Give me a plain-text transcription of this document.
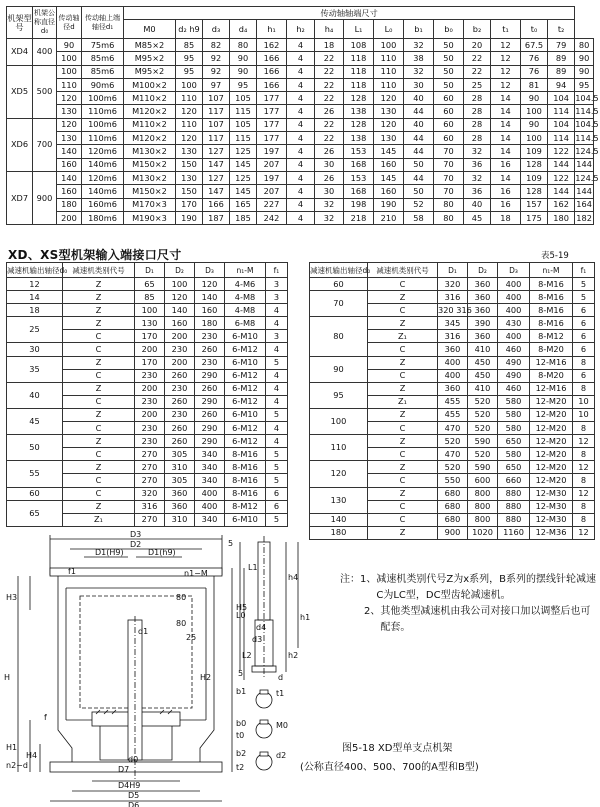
机架型号	机架公称直径d₀	传动轴径d	传动轴上端轴径d₁	传动轴轴端尺寸															
				M0	d₂ h9	d₃	d₄	h₁	h₂	h₄	L₁	L₀	b₁	b₀	b₂	t₁	t₀	t₂	
XD4	400	90	75m6	M85×2	85	82	80	162	4	18	108	100	32	50	20	12	67.5	79	80
		100	85m6	M95×2	95	92	90	166	4	22	118	110	38	50	22	12	76	89	90
XD5	500	100	85m6	M95×2	95	92	90	166	4	22	118	110	32	50	22	12	76	89	90
		110	90m6	M100×2	100	97	95	166	4	22	118	110	30	50	25	12	81	94	95
		120	100m6	M110×2	110	107	105	177	4	22	128	120	40	60	28	14	90	104	104.5
		130	110m6	M120×2	120	117	115	177	4	26	138	130	44	60	28	14	100	114	114.5
XD6	700	120	100m6	M110×2	110	107	105	177	4	22	128	120	40	60	28	14	90	104	104.5
		130	110m6	M120×2	120	117	115	177	4	22	138	130	44	60	28	14	100	114	114.5
		140	120m6	M130×2	130	127	125	197	4	26	153	145	44	70	32	14	109	122	124.5
		160	140m6	M150×2	150	147	145	207	4	30	168	160	50	70	36	16	128	144	144
XD7	900	140	120m6	M130×2	130	127	125	197	4	26	153	145	44	70	32	14	109	122	124.5
		160	140m6	M150×2	150	147	145	207	4	30	168	160	50	70	36	16	128	144	144
		180	160m6	M170×3	170	166	165	227	4	32	198	190	52	80	40	16	157	162	164
		200	180m6	M190×3	190	187	185	242	4	32	218	210	58	80	45	18	175	180	182
XD、XS型机架输入端接口尺寸	表5-19
减速机输出轴径d₀	减速机类别代号	D₁	D₂	D₃	n₁-M	f₁
12	Z	65	100	120	4-M6	3
14	Z	85	120	140	4-M8	3
18	Z	100	140	160	4-M8	4
25	Z	130	160	180	6-M8	4
	C	170	200	230	6-M10	3
30	C	200	230	260	6-M12	4
35	Z	170	200	230	6-M10	5
	C	230	260	290	6-M12	4
40	Z	200	230	260	6-M12	4
	C	230	260	290	6-M12	4
45	Z	200	230	260	6-M10	5
	C	230	260	290	6-M12	4
50	Z	230	260	290	6-M12	4
	C	270	305	340	8-M16	5
55	Z	270	310	340	8-M16	5
	C	270	305	340	8-M16	5
60	C	320	360	400	8-M16	6
65	Z	316	360	400	8-M12	6
	Z₁	270	310	340	6-M10	5
减速机输出轴径d₀	减速机类别代号	D₁	D₂	D₃	n₁-M	f₁
60	C	320	360	400	8-M16	5
70	Z	316	360	400	8-M16	5
	C	320 316	360	400	8-M16	6
80	Z	345	390	430	8-M16	6
	Z₁	316	360	400	8-M12	6
	C	360	410	460	8-M20	6
90	Z	400	450	490	12-M16	8
	C	400	450	490	8-M20	6
95	Z	360	410	460	12-M16	8
	Z₁	455	520	580	12-M20	10
100	Z	455	520	580	12-M20	10
	C	470	520	580	12-M20	8
110	Z	520	590	650	12-M20	12
	C	470	520	580	12-M20	8
120	Z	520	590	650	12-M20	12
	C	550	600	660	12-M20	8
130	Z	680	800	880	12-M30	12
	C	680	800	880	12-M30	8
140	C	680	800	880	12-M30	8
180	Z	900	1020	1160	12-M36	12
D3
D2
D1(H9)	D1(h9)
n1−M
f1
H3
H5
H
H1
H2
H4
n2−d
d1
D7
d0
D4H9
D5
D6
80
25
80
f
5
L1
L0
L2
5
h4
h1
h2
d4
d3
d
b1	t1
M0
b0
t0
b2
t2
d2
注： 1、 减速机类别代号Z为x系列，B系列的摆线针轮减速C为LC型，DC型齿轮减速机。
2、 其他类型减速机由我公司对接口加以调整后也可配套。
图5-18 XD型单支点机架
(公称直径400、500、700的A型和B型)
